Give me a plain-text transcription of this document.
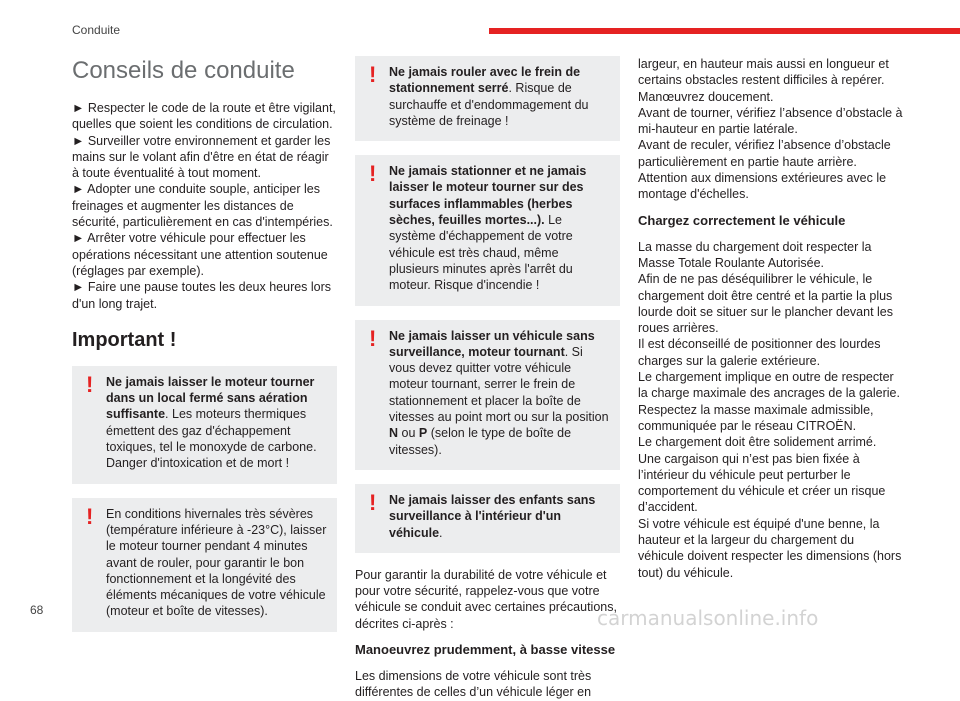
Conduite
Conseils de conduite
► Respecter le code de la route et être vigilant, quelles que soient les conditions de circulation.
► Surveiller votre environnement et garder les mains sur le volant afin d'être en état de réagir à toute éventualité à tout moment.
► Adopter une conduite souple, anticiper les freinages et augmenter les distances de sécurité, particulièrement en cas d'intempéries.
► Arrêter votre véhicule pour effectuer les opérations nécessitant une attention soutenue (réglages par exemple).
► Faire une pause toutes les deux heures lors d'un long trajet.
Important !
!	Ne jamais laisser le moteur tourner dans un local fermé sans aération suffisante. Les moteurs thermiques émettent des gaz d'échappement toxiques, tel le monoxyde de carbone. Danger d'intoxication et de mort !
!	En conditions hivernales très sévères (température inférieure à -23°C), laisser le moteur tourner pendant 4 minutes avant de rouler, pour garantir le bon fonctionnement et la longévité des éléments mécaniques de votre véhicule (moteur et boîte de vitesses).
!	Ne jamais rouler avec le frein de stationnement serré. Risque de surchauffe et d'endommagement du système de freinage !
!	Ne jamais stationner et ne jamais laisser le moteur tourner sur des surfaces inflammables (herbes sèches, feuilles mortes...). Le système d'échappement de votre véhicule est très chaud, même plusieurs minutes après l'arrêt du moteur. Risque d'incendie !
!	Ne jamais laisser un véhicule sans surveillance, moteur tournant. Si vous devez quitter votre véhicule moteur tournant, serrer le frein de stationnement et placer la boîte de vitesses au point mort ou sur la position N ou P (selon le type de boîte de vitesses).
!	Ne jamais laisser des enfants sans surveillance à l'intérieur d'un véhicule.

Pour garantir la durabilité de votre véhicule et pour votre sécurité, rappelez-vous que votre véhicule se conduit avec certaines précautions, décrites ci-après :

Manoeuvrez prudemment, à basse vitesse

Les dimensions de votre véhicule sont très différentes de celles d’un véhicule léger en

largeur, en hauteur mais aussi en longueur et certains obstacles restent difficiles à repérer.
Manœuvrez doucement.
Avant de tourner, vérifiez l’absence d’obstacle à mi-hauteur en partie latérale.
Avant de reculer, vérifiez l’absence d’obstacle particulièrement en partie haute arrière.
Attention aux dimensions extérieures avec le montage d'échelles.
Chargez correctement le véhicule
La masse du chargement doit respecter la Masse Totale Roulante Autorisée.
Afin de ne pas déséquilibrer le véhicule, le chargement doit être centré et la partie la plus lourde doit se situer sur le plancher devant les roues arrières.
Il est déconseillé de positionner des lourdes charges sur la galerie extérieure.
Le chargement implique en outre de respecter la charge maximale des ancrages de la galerie.
Respectez la masse maximale admissible, communiquée par le réseau CITROËN.
Le chargement doit être solidement arrimé.
Une cargaison qui n’est pas bien fixée à l’intérieur du véhicule peut perturber le comportement du véhicule et créer un risque d’accident.
Si votre véhicule est équipé d'une benne, la hauteur et la largeur du chargement du véhicule doivent respecter les dimensions (hors tout) du véhicule.
68	carmanualsonline.info
